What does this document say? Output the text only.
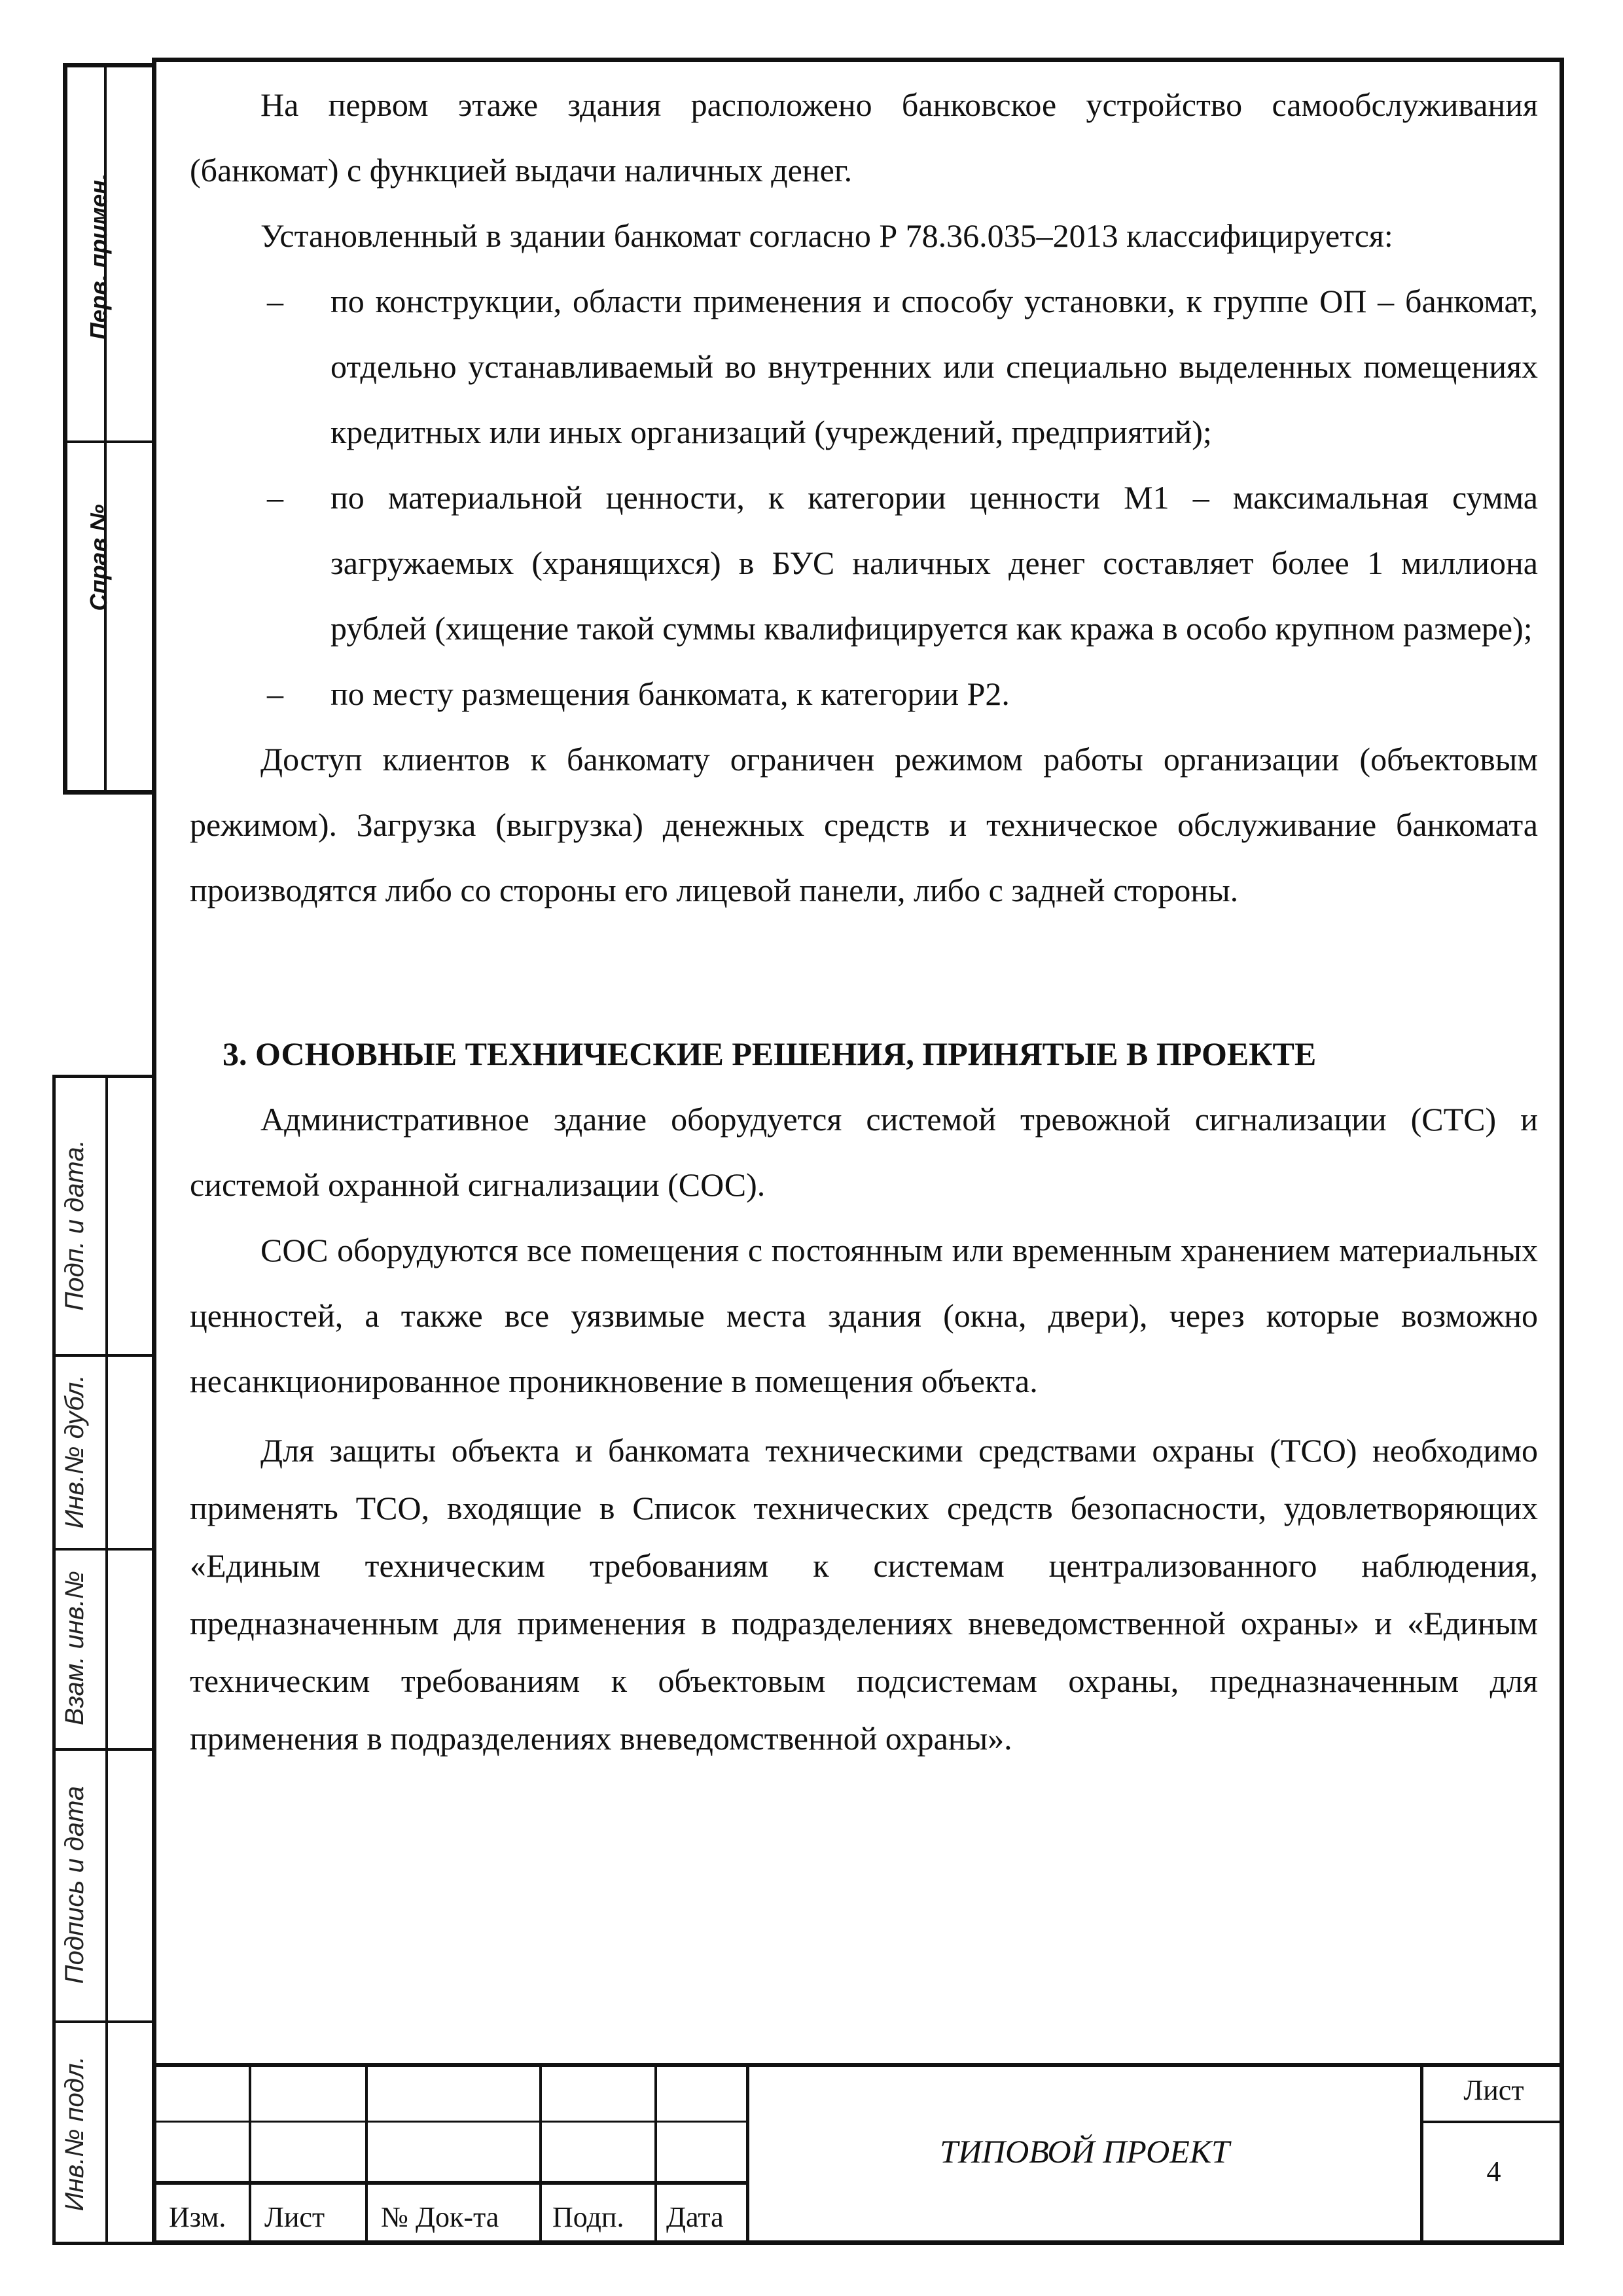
Перв. примен.
Справ №
Подп. и дата.
Инв.№ дубл.
Взам. инв.№
Подпись и дата
Инв.№ подл.

На первом этаже здания расположено банковское устройство самообслуживания (банкомат) с функцией выдачи наличных денег.

Установленный в здании банкомат согласно Р 78.36.035–2013 классифицируется:

– по конструкции, области применения и способу установки, к группе ОП – банкомат, отдельно устанавливаемый во внутренних или специально выделенных помещениях кредитных или иных организаций (учреждений, предприятий);

– по материальной ценности, к категории ценности М1 – максимальная сумма загружаемых (хранящихся) в БУС наличных денег составляет более 1 миллиона рублей (хищение такой суммы квалифицируется как кража в особо крупном размере);

– по месту размещения банкомата, к категории Р2.

Доступ клиентов к банкомату ограничен режимом работы организации (объектовым режимом). Загрузка (выгрузка) денежных средств и техническое обслуживание банкомата производятся либо со стороны его лицевой панели, либо с задней стороны.

3. ОСНОВНЫЕ ТЕХНИЧЕСКИЕ РЕШЕНИЯ, ПРИНЯТЫЕ В ПРОЕКТЕ

Административное здание оборудуется системой тревожной сигнализации (СТС) и системой охранной сигнализации (СОС).

СОС оборудуются все помещения с постоянным или временным хранением материальных ценностей, а также все уязвимые места здания (окна, двери), через которые возможно несанкционированное проникновение в помещения объекта.

Для защиты объекта и банкомата техническими средствами охраны (ТСО) необходимо применять ТСО, входящие в Список технических средств безопасности, удовлетворяющих «Единым техническим требованиям к системам централизованного наблюдения, предназначенным для применения в подразделениях вневедомственной охраны» и «Единым техническим требованиям к объектовым подсистемам охраны, предназначенным для применения в подразделениях вневедомственной охраны».

Изм. Лист № Док-та Подп. Дата
ТИПОВОЙ ПРОЕКТ
Лист
4
